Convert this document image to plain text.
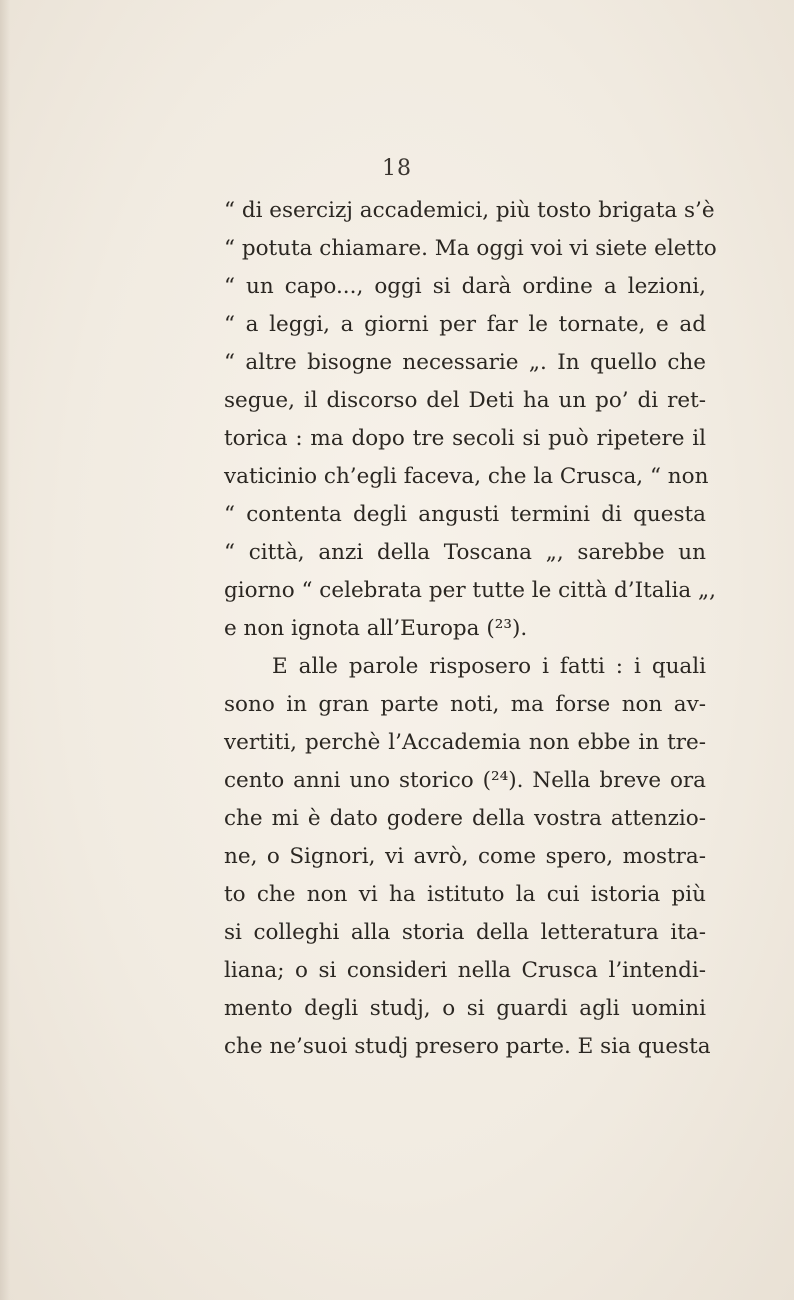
18
“ di esercizj accademici, più tosto brigata s’è
“ potuta chiamare. Ma oggi voi vi siete eletto
“ un capo..., oggi si darà ordine a lezioni,
“ a leggi, a giorni per far le tornate, e ad
“ altre bisogne necessarie „. In quello che
segue, il discorso del Deti ha un po’ di ret-
torica : ma dopo tre secoli si può ripetere il
vaticinio ch’egli faceva, che la Crusca, “ non
“ contenta degli angusti termini di questa
“ città, anzi della Toscana „, sarebbe un
giorno “ celebrata per tutte le città d’Italia „,
e non ignota all’Europa (²³).
E alle parole risposero i fatti : i quali
sono in gran parte noti, ma forse non av-
vertiti, perchè l’Accademia non ebbe in tre-
cento anni uno storico (²⁴). Nella breve ora
che mi è dato godere della vostra attenzio-
ne, o Signori, vi avrò, come spero, mostra-
to che non vi ha istituto la cui istoria più
si colleghi alla storia della letteratura ita-
liana; o si consideri nella Crusca l’intendi-
mento degli studj, o si guardi agli uomini
che ne’suoi studj presero parte. E sia questa
